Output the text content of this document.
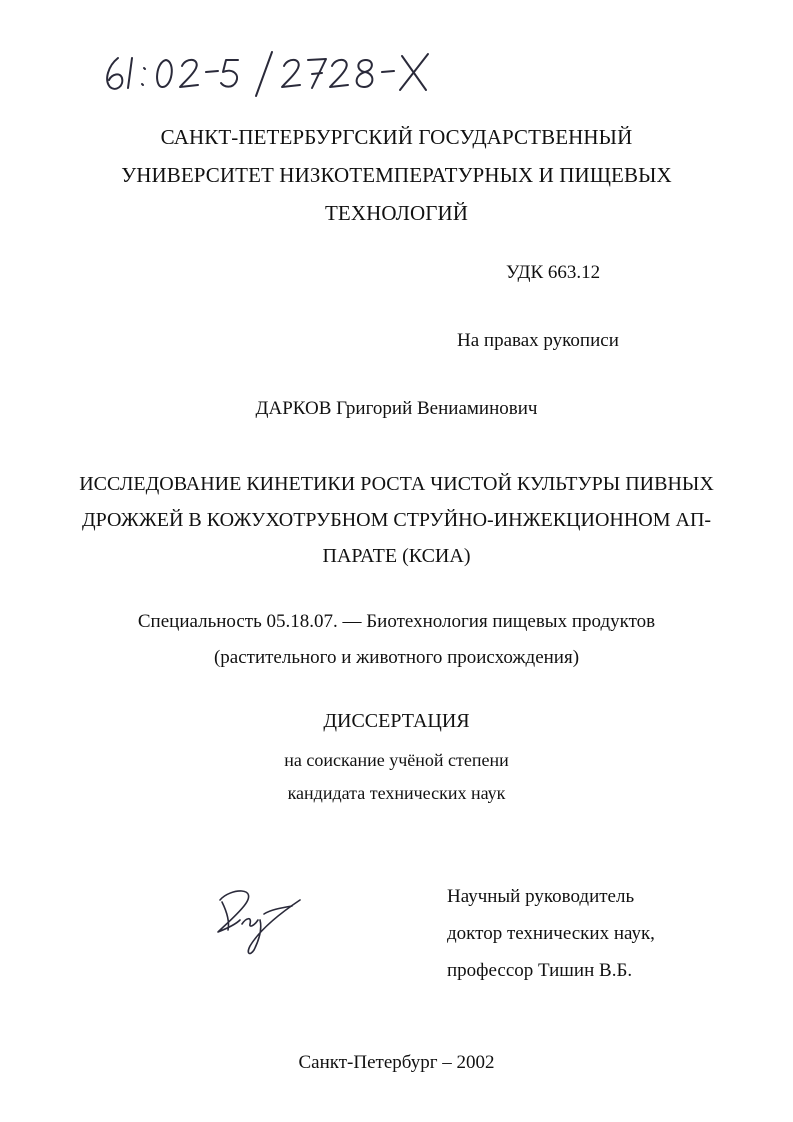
САНКТ-ПЕТЕРБУРГСКИЙ ГОСУДАРСТВЕННЫЙ
УНИВЕРСИТЕТ НИЗКОТЕМПЕРАТУРНЫХ И ПИЩЕВЫХ
ТЕХНОЛОГИЙ
УДК 663.12
На правах рукописи
ДАРКОВ Григорий Вениаминович
ИССЛЕДОВАНИЕ КИНЕТИКИ РОСТА ЧИСТОЙ КУЛЬТУРЫ ПИВНЫХ
ДРОЖЖЕЙ В КОЖУХОТРУБНОМ СТРУЙНО-ИНЖЕКЦИОННОМ АП-
ПАРАТЕ (КСИА)
Специальность 05.18.07. — Биотехнология пищевых продуктов
(растительного и животного происхождения)
ДИССЕРТАЦИЯ
на соискание учёной степени
кандидата технических наук
Научный руководитель
доктор технических наук,
профессор Тишин В.Б.
Санкт-Петербург – 2002
